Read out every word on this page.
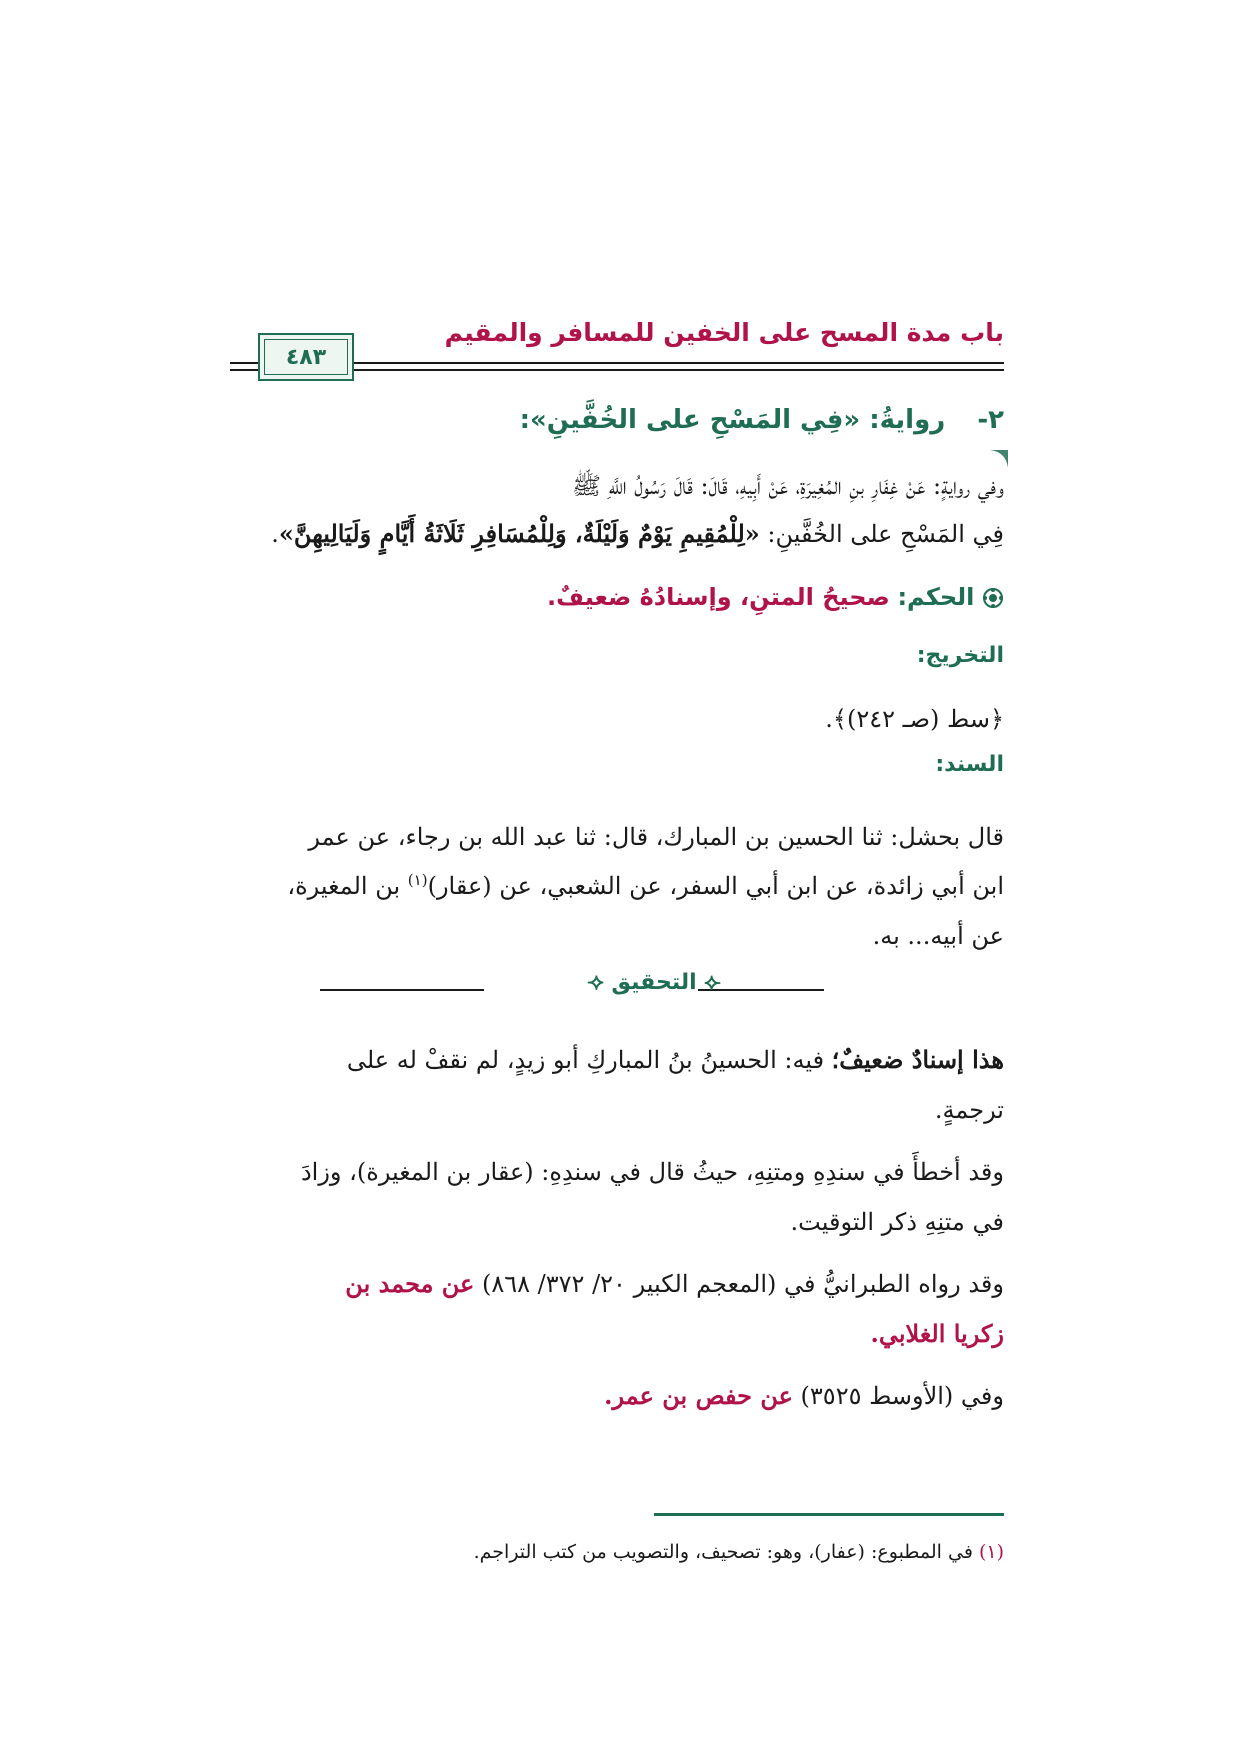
باب مدة المسح على الخفين للمسافر والمقيم
٤٨٣
٢-  روايةُ: «فِي المَسْحِ على الخُفَّينِ»:
وفي روايةٍ: عَنْ غِفَارِ بنِ المُغِيرَةِ، عَنْ أَبِيهِ، قَالَ: قَالَ رَسُولُ اللَّهِ ﷺ
فِي المَسْحِ على الخُفَّينِ: «لِلْمُقِيمِ يَوْمٌ وَلَيْلَةٌ، وَلِلْمُسَافِرِ ثَلَاثَةُ أَيَّامٍ وَلَيَالِيهِنَّ».
الحكم: صحيحُ المتنِ، وإسنادُهُ ضعيفٌ.
التخريج:
﴿سط (صـ ٢٤٢)﴾.
السند:
قال بحشل: ثنا الحسين بن المبارك، قال: ثنا عبد الله بن رجاء، عن عمر
ابن أبي زائدة، عن ابن أبي السفر، عن الشعبي، عن (عقار)$^{(١)}$ بن المغيرة،
عن أبيه... به.
⟢ التحقيق ⟣
هذا إسنادٌ ضعيفٌ؛ فيه: الحسينُ بنُ المباركِ أبو زيدٍ، لم نقفْ له على
ترجمةٍ.
وقد أخطأَ في سندِهِ ومتنِهِ، حيثُ قال في سندِهِ: (عقار بن المغيرة)، وزادَ
في متنِهِ ذكر التوقيت.
وقد رواه الطبرانيُّ في (المعجم الكبير ٢٠/ ٣٧٢/ ٨٦٨) عن محمد بن
زكريا الغلابي.
وفي (الأوسط ٣٥٢٥) عن حفص بن عمر.
(١) في المطبوع: (عفار)، وهو: تصحيف، والتصويب من كتب التراجم.
